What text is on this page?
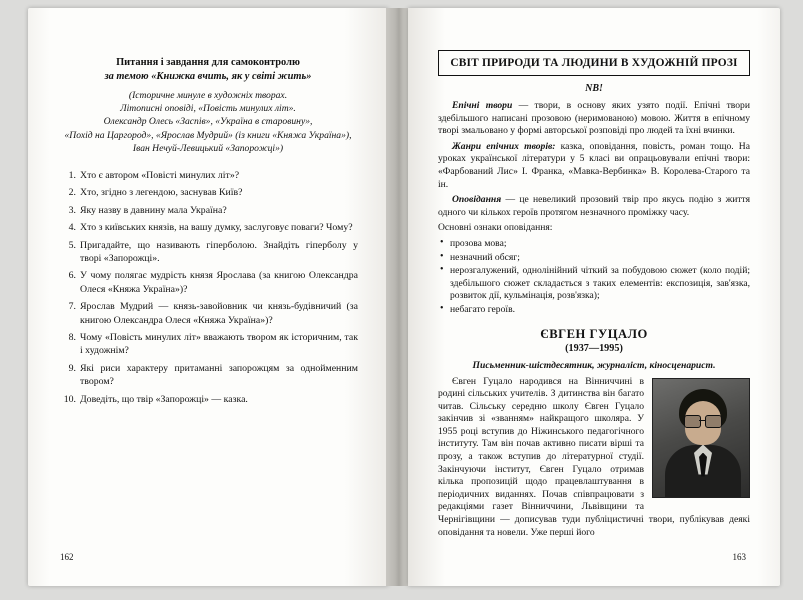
Питання і завдання для самоконтролю
за темою «Книжка вчить, як у світі жить»
(Історичне минуле в художніх творах.
Літописні оповіді, «Повість минулих літ».
Олександр Олесь «Заспів», «Україна в старовину»,
«Похід на Царгород», «Ярослав Мудрий» (із книги «Княжа Україна»),
Іван Нечуй-Левицький «Запорожці»)
1. Хто є автором «Повісті минулих літ»?
2. Хто, згідно з легендою, заснував Київ?
3. Яку назву в давнину мала Україна?
4. Хто з київських князів, на вашу думку, заслуговує поваги? Чому?
5. Пригадайте, що називають гіперболою. Знайдіть гіперболу у творі «Запорожці».
6. У чому полягає мудрість князя Ярослава (за книгою Олександра Олеся «Княжа Україна»)?
7. Ярослав Мудрий — князь-завойовник чи князь-будівничий (за книгою Олександра Олеся «Княжа Україна»)?
8. Чому «Повість минулих літ» вважають твором як історичним, так і художнім?
9. Які риси характеру притаманні запорожцям за однойменним твором?
10. Доведіть, що твір «Запорожці» — казка.
162
СВІТ ПРИРОДИ ТА ЛЮДИНИ В ХУДОЖНІЙ ПРОЗІ
NB!

Епічні твори — твори, в основу яких узято події. Епічні твори здебільшого написані прозовою (неримованою) мовою. Життя в епічному творі змальовано у формі авторської розповіді про людей та їхні вчинки.

Жанри епічних творів: казка, оповідання, повість, роман тощо. На уроках української літератури у 5 класі ви опрацьовували епічні твори: «Фарбований Лис» І. Франка, «Мавка-Вербинка» В. Королева-Старого та ін.

Оповідання — це невеликий прозовий твір про якусь подію з життя одного чи кількох героїв протягом незначного проміжку часу.

Основні ознаки оповідання:
• прозова мова;
• незначний обсяг;
• нерозгалужений, однолінійний чіткий за побудовою сюжет (коло подій; здебільшого сюжет складається з таких елементів: експозиція, зав'язка, розвиток дії, кульмінація, розв'язка);
• небагато героїв.
ЄВГЕН ГУЦАЛО
(1937—1995)
Письменник-шістдесятник, журналіст, кіносценарист.

Євген Гуцало народився на Вінниччині в родині сільських учителів. З дитинства він багато читав. Сільську середню школу Євген Гуцало закінчив зі «званням» найкращого школяра. У 1955 році вступив до Ніжинського педагогічного інституту. Там він почав активно писати вірші та прозу, а також вступив до літературної студії. Закінчуючи інститут, Євген Гуцало отримав кілька пропозицій щодо працевлаштування в періодичних виданнях. Почав співпрацювати з редакціями газет Вінниччини, Львівщини та Чернігівщини — дописував туди публіцистичні твори, публікував деякі оповідання та новели. Уже перші його

163
